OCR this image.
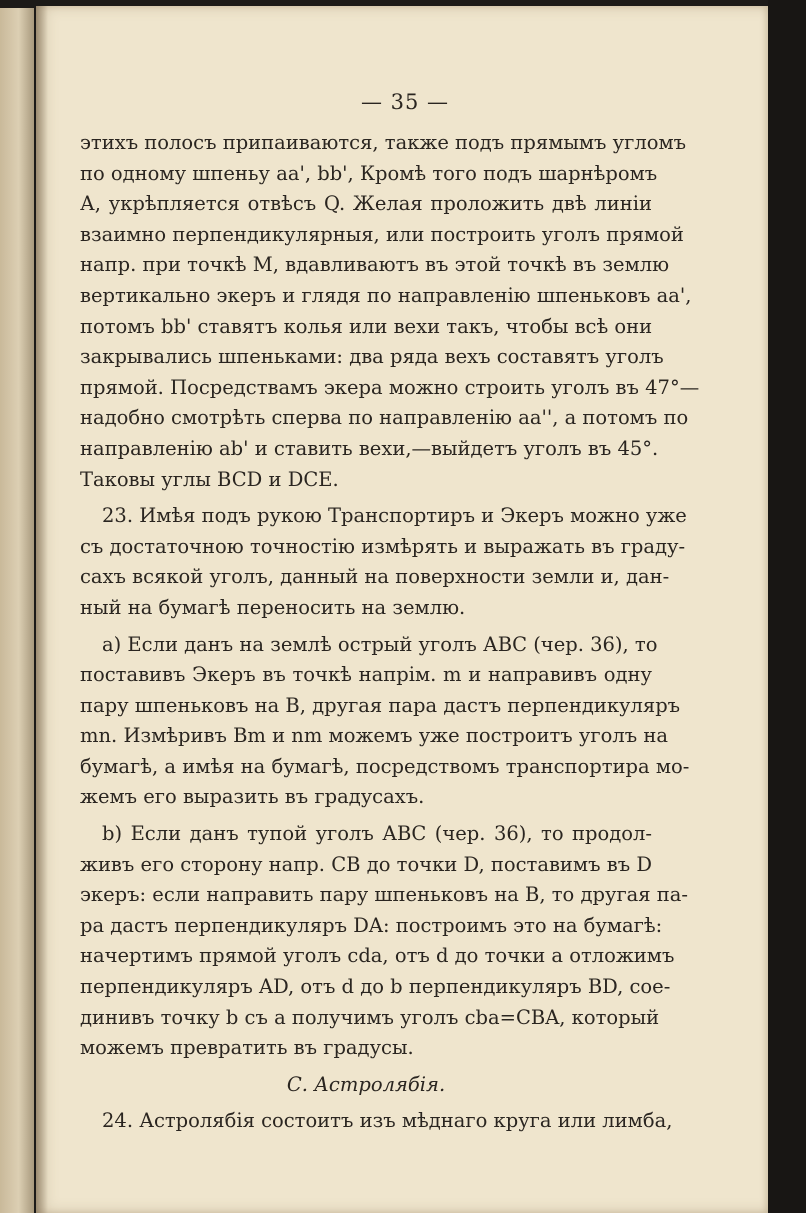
— 35 —
этихъ полосъ припаиваются, также подъ прямымъ угломъ
по одному шпеньу аа', bb', Кромѣ того подъ шарнѣромъ
А, укрѣпляется отвѣсъ Q. Желая проложить двѣ линіи
взаимно перпендикулярныя, или построить уголъ прямой
напр. при точкѣ М, вдавливаютъ въ этой точкѣ въ землю
вертикально экеръ и глядя по направленію шпеньковъ аа',
потомъ bb' ставятъ колья или вехи такъ, чтобы всѣ они
закрывались шпеньками: два ряда вехъ составятъ уголъ
прямой. Посредствамъ экера можно строить уголъ въ 47°—
надобно смотрѣть сперва по направленію аа'', а потомъ по
направленію аb' и ставить вехи,—выйдетъ уголъ въ 45°.
Таковы углы BCD и DCE.
23. Имѣя подъ рукою Транспортиръ и Экеръ можно уже
съ достаточною точностію измѣрять и выражать въ граду-
сахъ всякой уголъ, данный на поверхности земли и, дан-
ный на бумагѣ переносить на землю.
а) Если данъ на землѣ острый уголъ АВС (чер. 36), то
поставивъ Экеръ въ точкѣ напрім. m и направивъ одну
пару шпеньковъ на В, другая пара дастъ перпендикуляръ
mn. Измѣривъ Вm и nm можемъ уже построитъ уголъ на
бумагѣ, а имѣя на бумагѣ, посредствомъ транспортира мо-
жемъ его выразить въ градусахъ.
b) Если данъ тупой уголъ АВС (чер. 36), то продол-
живъ его сторону напр. СВ до точки D, поставимъ въ D
экеръ: если направить пару шпеньковъ на В, то другая па-
ра дастъ перпендикуляръ DA: построимъ это на бумагѣ:
начертимъ прямой уголъ cda, отъ d до точки а отложимъ
перпендикуляръ AD, отъ d до b перпендикуляръ BD, сое-
динивъ точку b съ а получимъ уголъ cba=CBA, который
можемъ превратить въ градусы.
С. Астролябія.
24. Астролябія состоитъ изъ мѣднаго круга или лимба,
